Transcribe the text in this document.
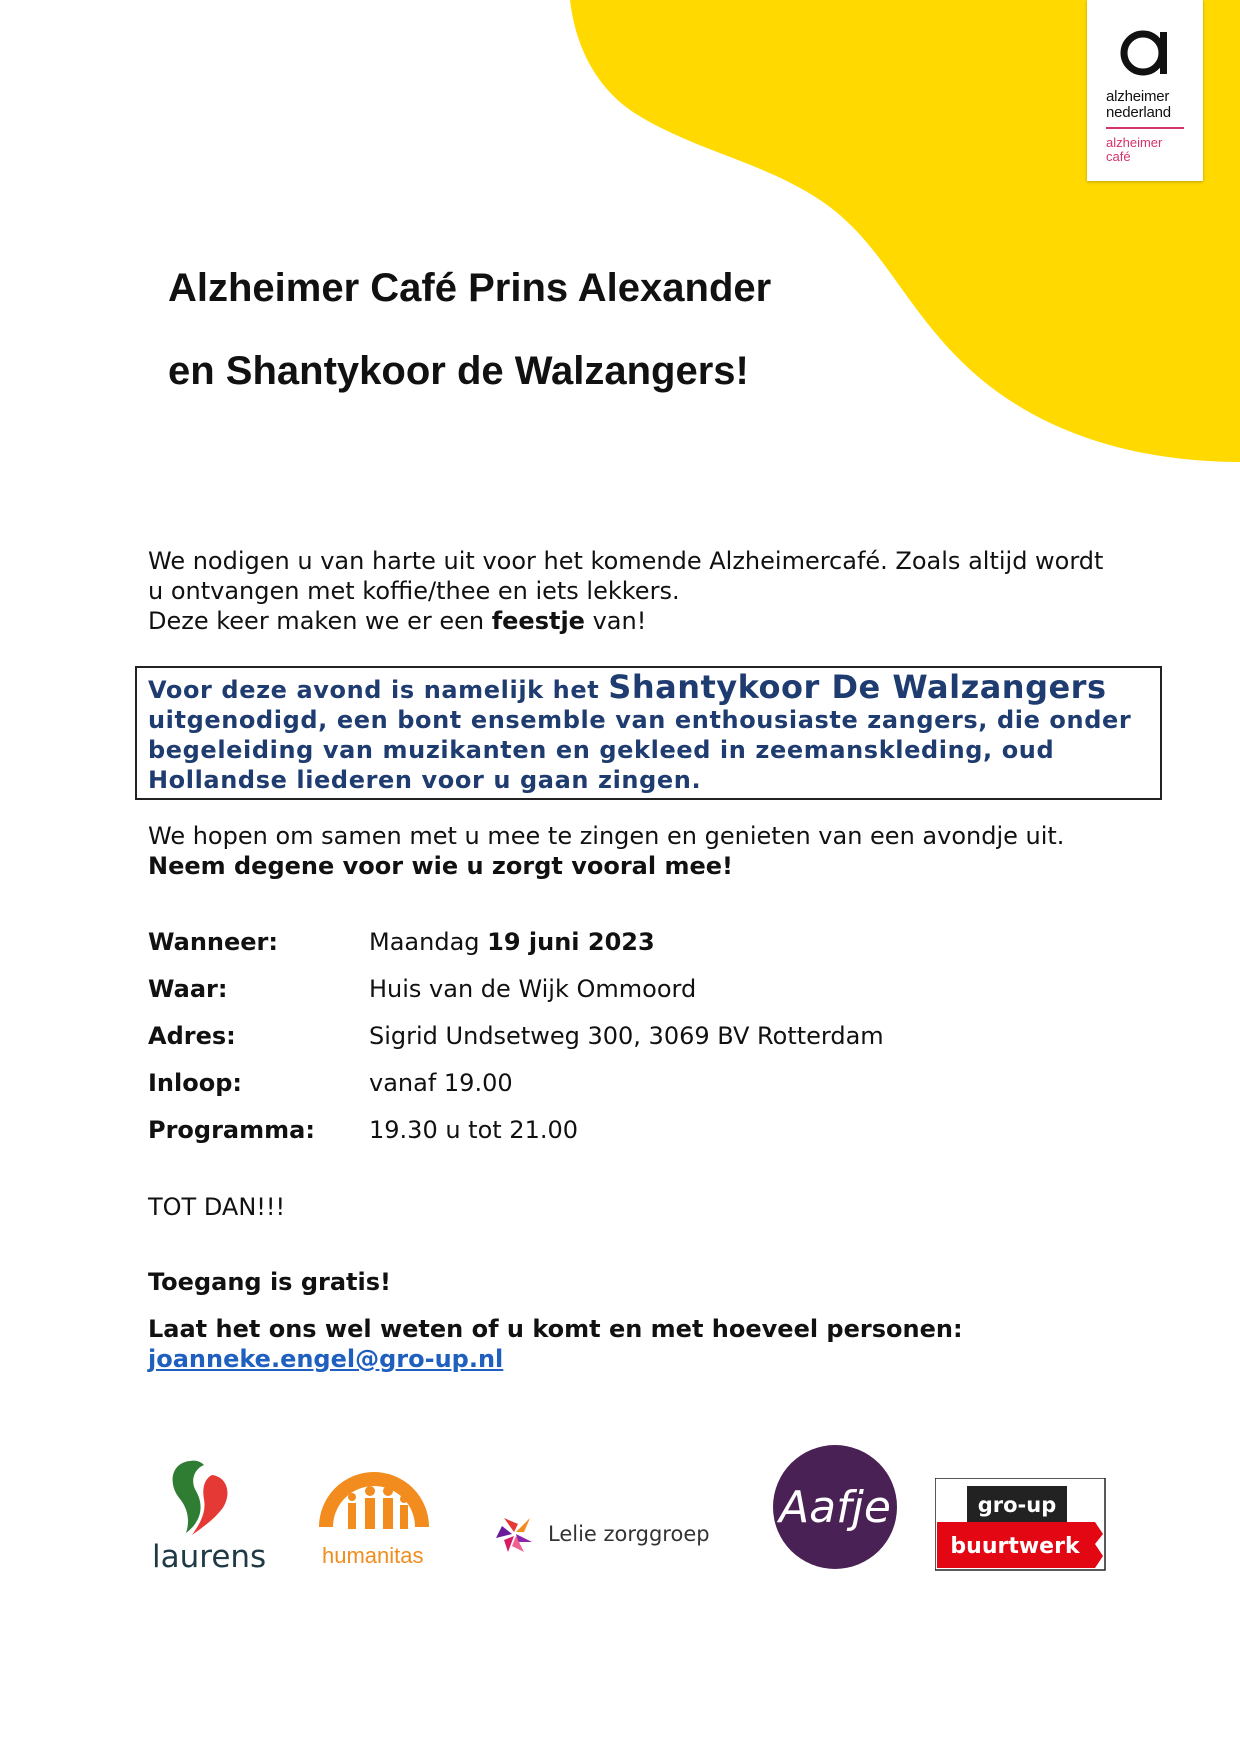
alzheimer
nederland
alzheimer
café
Alzheimer Café Prins Alexander
en Shantykoor de Walzangers!
We nodigen u van harte uit voor het komende Alzheimercafé. Zoals altijd wordt
u ontvangen met koffie/thee en iets lekkers.
Deze keer maken we er een feestje van!
Voor deze avond is namelijk het Shantykoor De Walzangers uitgenodigd, een bont ensemble van enthousiaste zangers, die onder begeleiding van muzikanten en gekleed in zeemanskleding, oud Hollandse liederen voor u gaan zingen.
We hopen om samen met u mee te zingen en genieten van een avondje uit.
Neem degene voor wie u zorgt vooral mee!
Wanneer:	Maandag 19 juni 2023
Waar:	Huis van de Wijk Ommoord
Adres:	Sigrid Undsetweg 300, 3069 BV Rotterdam
Inloop:	vanaf 19.00
Programma: 19.30 u tot 21.00
TOT DAN!!!
Toegang is gratis!
Laat het ons wel weten of u komt en met hoeveel personen:
joanneke.engel@gro-up.nl
laurens	humanitas
Lelie zorggroep
Aafje	gro-up
buurtwerk
